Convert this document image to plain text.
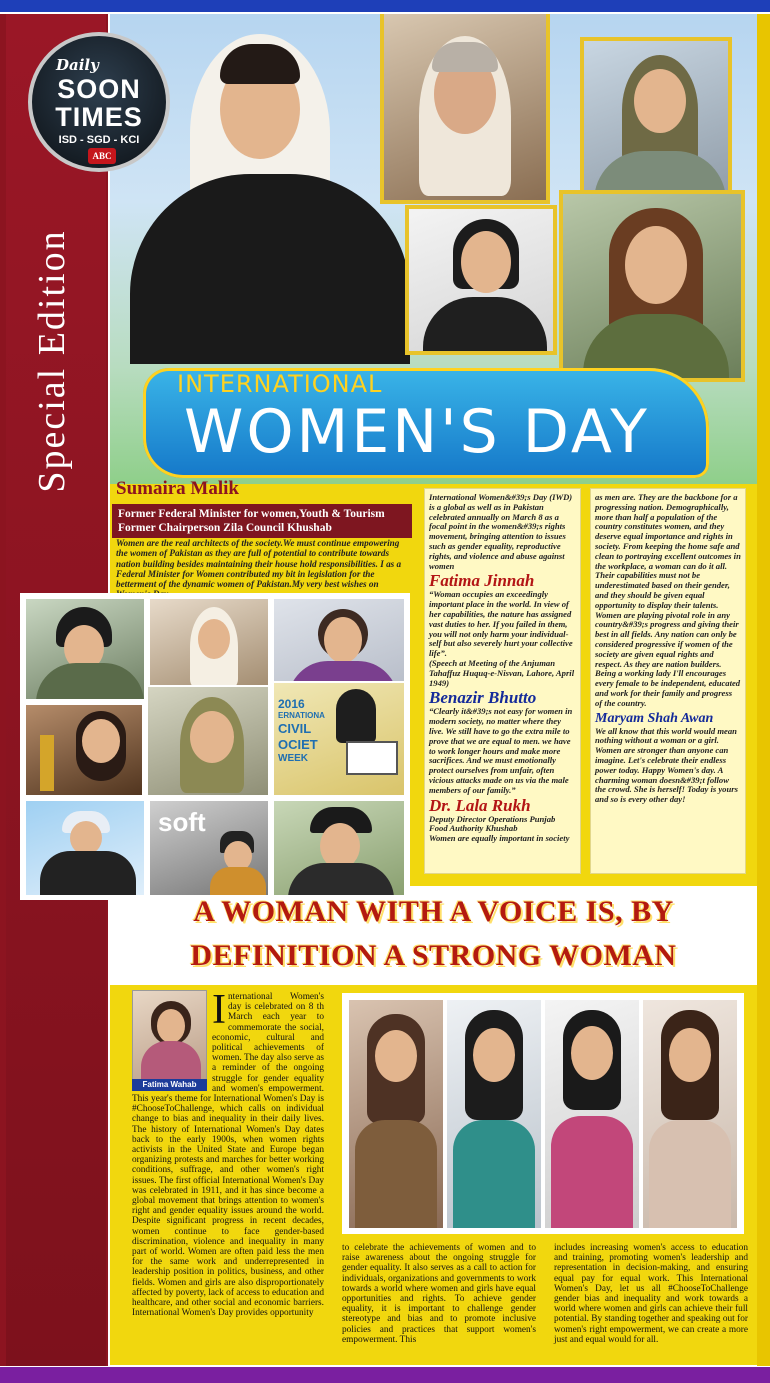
Daily
SOON
TIMES
ISD - SGD - KCI
ABC
Special Edition	INTERNATIONAL
WOMEN'S DAY
Sumaira Malik
Former Federal Minister for women,Youth & Tourism Former Chairperson Zila Council Khushab
Women are the real architects of the society.We must continue empowering the women of Pakistan as they are full of potential to contribute towards nation building besides maintaining their house hold responsibilities. I as a Federal Minister for Women contributed my bit in legislation for the betterment of the dynamic women of Pakistan.My very best wishes on
2016
ERNATIONA
CIVIL
OCIET
WEEK
soft
International Women&#39;s Day (IWD) is a global as well as in Pakistan celebrated annually on March 8 as a focal point in the women&#39;s rights movement, bringing attention to issues such as gender equality, reproductive rights, and violence and abuse against women
Fatima Jinnah
“Woman occupies an exceedingly important place in the world. In view of her capabilities, the nature has assigned vast duties to her. If you failed in them, you will not only harm your individual-self but also severely hurt your collective life”.
(Speech at Meeting of the Anjuman Tahaffuz Huquq-e-Nisvan, Lahore, April 1949)
Benazir Bhutto
“Clearly it&#39;s not easy for women in modern society, no matter where they live. We still have to go the extra mile to prove that we are equal to men. we have to work longer hours and make more sacrifices. And we must emotionally protect ourselves from unfair, often vicious attacks made on us via the male members of our family.”
Dr. Lala Rukh
Deputy Director Operations Punjab Food Authority Khushab
Women are equally important in society
as men are. They are the backbone for a progressing nation. Demographically, more than half a population of the country constitutes women, and they deserve equal importance and rights in society. From keeping the home safe and clean to portraying excellent outcomes in the workplace, a woman can do it all. Their capabilities must not be underestimated based on their gender, and they should be given equal opportunity to display their talents. Women are playing pivotal role in any country&#39;s progress and giving their best in all fields. Any nation can only be considered progressive if women of the society are given equal rights and respect. As they are nation builders. Being a working lady I'll encourages every female to be independent, educated and work for their family and progress of the country.
Maryam Shah Awan
We all know that this world would mean nothing without a woman or a girl. Women are stronger than anyone can imagine. Let's celebrate their endless power today. Happy Women's day. A charming woman doesn&#39;t follow the crowd. She is herself! Today is yours and so is every other day!
A WOMAN WITH A VOICE IS, BY
DEFINITION A STRONG WOMAN
International Women's day is celebrated on 8 th March each year to commemorate the social, economic, cultural and political achievements of women. The day also serve as a reminder of the ongoing struggle for gender equality and women's empowerment. This year's theme for International Women's Day is #ChooseToChallenge, which calls on individual change to bias and inequality in their daily lives. The history of International Women's Day dates back to the early 1900s, when women rights activists in the United State and Europe began organizing protests and marches for better working conditions, suffrage, and other women's right issues. The first official International Women's Day was celebrated in 1911, and it has since become a global movement that brings attention to women's right and gender equality issues around the world. Despite significant progress in recent decades, women continue to face gender-based discrimination, violence and inequality in many part of world. Women are often paid less the men for the same work and underrepresented in leadership position in politics, business, and other fields. Women and girls are also disproportionately affected by poverty, lack of access to education and healthcare, and other social and economic barriers. International Women's Day provides opportunity
Fatima Wahab
to celebrate the achievements of women and to raise awareness about the ongoing struggle for gender equality. It also serves as a call to action for individuals, organizations and governments to work towards a world where women and girls have equal opportunities and rights. To achieve gender equality, it is important to challenge gender stereotype and bias and to promote inclusive policies and practices that support women's empowerment. This
includes increasing women's access to education and training, promoting women's leadership and representation in decision-making, and ensuring equal pay for equal work. This International Women's Day, let us all #ChooseToChallenge gender bias and inequality and work towards a world where women and girls can achieve their full potential. By standing together and speaking out for women's right empowerment, we can create a more just and equal would for all.
